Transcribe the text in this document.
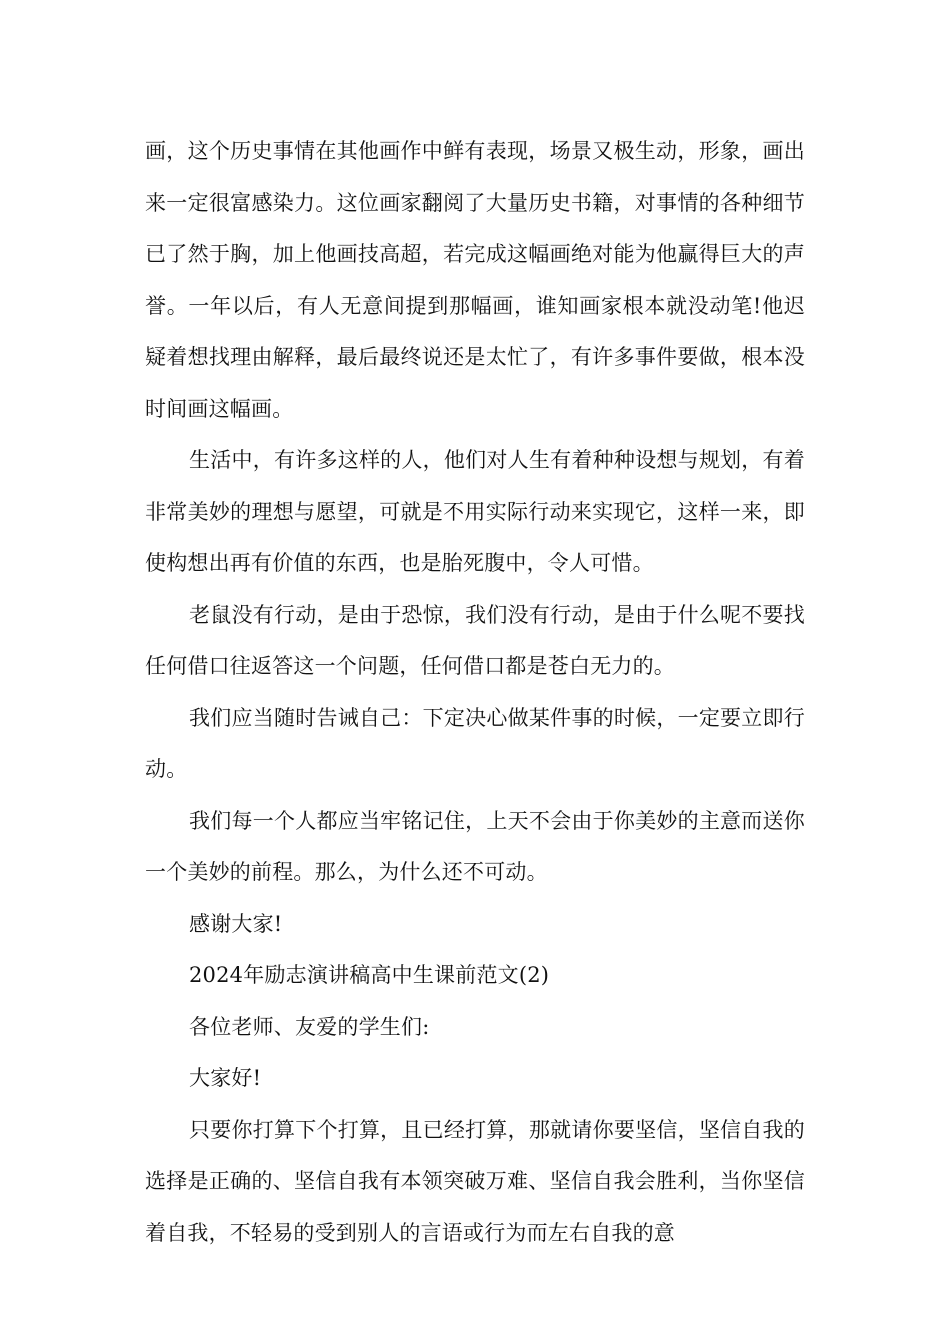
画，这个历史事情在其他画作中鲜有表现，场景又极生动，形象，画出来一定很富感染力。这位画家翻阅了大量历史书籍，对事情的各种细节已了然于胸，加上他画技高超，若完成这幅画绝对能为他赢得巨大的声誉。一年以后，有人无意间提到那幅画，谁知画家根本就没动笔!他迟疑着想找理由解释，最后最终说还是太忙了，有许多事件要做，根本没时间画这幅画。

生活中，有许多这样的人，他们对人生有着种种设想与规划，有着非常美妙的理想与愿望，可就是不用实际行动来实现它，这样一来，即使构想出再有价值的东西，也是胎死腹中，令人可惜。

老鼠没有行动，是由于恐惊，我们没有行动，是由于什么呢不要找任何借口往返答这一个问题，任何借口都是苍白无力的。

我们应当随时告诫自己：下定决心做某件事的时候，一定要立即行动。

我们每一个人都应当牢铭记住，上天不会由于你美妙的主意而送你一个美妙的前程。那么，为什么还不可动。

感谢大家!

2024年励志演讲稿高中生课前范文(2)

各位老师、友爱的学生们:

大家好!

只要你打算下个打算，且已经打算，那就请你要坚信，坚信自我的选择是正确的、坚信自我有本领突破万难、坚信自我会胜利，当你坚信着自我，不轻易的受到别人的言语或行为而左右自我的意
